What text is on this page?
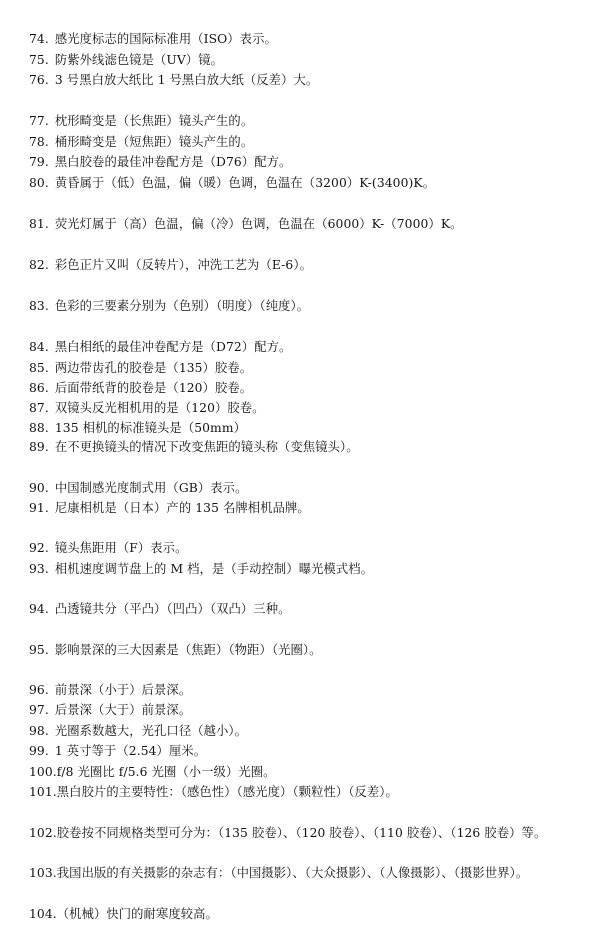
74. 感光度标志的国际标准用（ISO）表示。
75. 防紫外线滤色镜是（UV）镜。
76. 3 号黑白放大纸比 1 号黑白放大纸（反差）大。
77. 枕形畸变是（长焦距）镜头产生的。
78. 桶形畸变是（短焦距）镜头产生的。
79. 黑白胶卷的最佳冲卷配方是（D76）配方。
80. 黄昏属于（低）色温，偏（暖）色调，色温在（3200）K-(3400)K。
81. 荧光灯属于（高）色温，偏（冷）色调，色温在（6000）K-（7000）K。
82. 彩色正片又叫（反转片），冲洗工艺为（E-6）。
83. 色彩的三要素分别为（色别）（明度）（纯度）。
84. 黑白相纸的最佳冲卷配方是（D72）配方。
85. 两边带齿孔的胶卷是（135）胶卷。
86. 后面带纸背的胶卷是（120）胶卷。
87. 双镜头反光相机用的是（120）胶卷。
88. 135 相机的标准镜头是（50mm）
89. 在不更换镜头的情况下改变焦距的镜头称（变焦镜头）。
90. 中国制感光度制式用（GB）表示。
91. 尼康相机是（日本）产的 135 名牌相机品牌。
92. 镜头焦距用（F）表示。
93. 相机速度调节盘上的 M 档，是（手动控制）曝光模式档。
94. 凸透镜共分（平凸）（凹凸）（双凸）三种。
95. 影响景深的三大因素是（焦距）（物距）（光圈）。
96. 前景深（小于）后景深。
97. 后景深（大于）前景深。
98. 光圈系数越大，光孔口径（越小）。
99. 1 英寸等于（2.54）厘米。
100.f/8 光圈比 f/5.6 光圈（小一级）光圈。
101.黑白胶片的主要特性：（感色性）（感光度）（颗粒性）（反差）。
102.胶卷按不同规格类型可分为：（135 胶卷）、（120 胶卷）、（110 胶卷）、（126 胶卷）等。
103.我国出版的有关摄影的杂志有：（中国摄影）、（大众摄影）、（人像摄影）、（摄影世界）。
104.（机械）快门的耐寒度较高。
